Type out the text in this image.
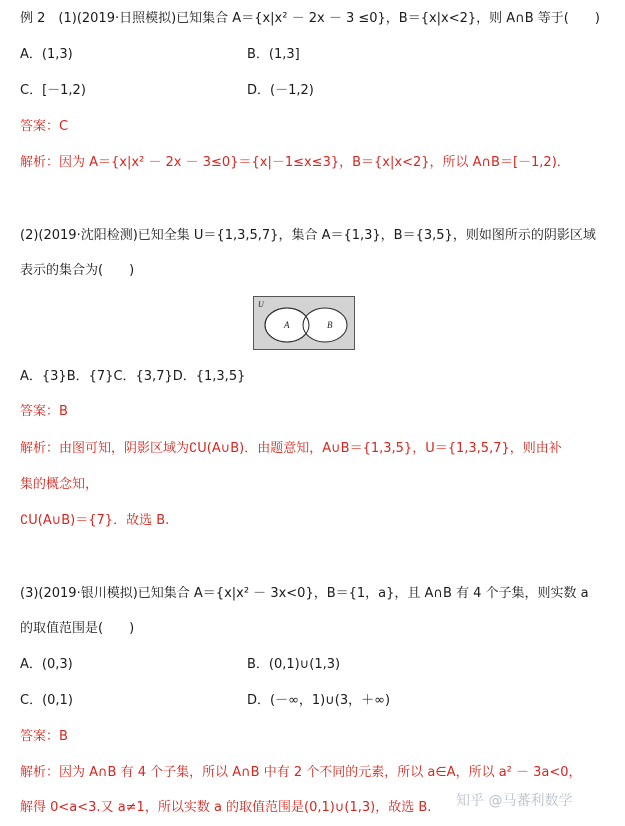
例 2　(1)(2019·日照模拟)已知集合 A＝{x|x² － 2x － 3 ≤0}，B＝{x|x<2}，则 A∩B 等于(　　)
A．(1,3)	B．(1,3]
C．[－1,2)	D．(－1,2)
答案：C
解析：因为 A＝{x|x² － 2x － 3≤0}＝{x|－1≤x≤3}，B＝{x|x<2}，所以 A∩B＝[－1,2)．
(2)(2019·沈阳检测)已知全集 U＝{1,3,5,7}，集合 A＝{1,3}，B＝{3,5}，则如图所示的阴影区域
表示的集合为(　　)
U
A	B
A．{3}B．{7}C．{3,7}D．{1,3,5}
答案：B
解析：由图可知，阴影区域为∁U(A∪B)．由题意知，A∪B＝{1,3,5}，U＝{1,3,5,7}，则由补
集的概念知，
∁U(A∪B)＝{7}．故选 B.
(3)(2019·银川模拟)已知集合 A＝{x|x² － 3x<0}，B＝{1，a}，且 A∩B 有 4 个子集，则实数 a
的取值范围是(　　)
A．(0,3)	B．(0,1)∪(1,3)
C．(0,1)	D．(－∞，1)∪(3，＋∞)
答案：B
解析：因为 A∩B 有 4 个子集，所以 A∩B 中有 2 个不同的元素，所以 a∈A，所以 a² － 3a<0，
解得 0<a<3.又 a≠1，所以实数 a 的取值范围是(0,1)∪(1,3)，故选 B. 知乎 @马蕃利数学
